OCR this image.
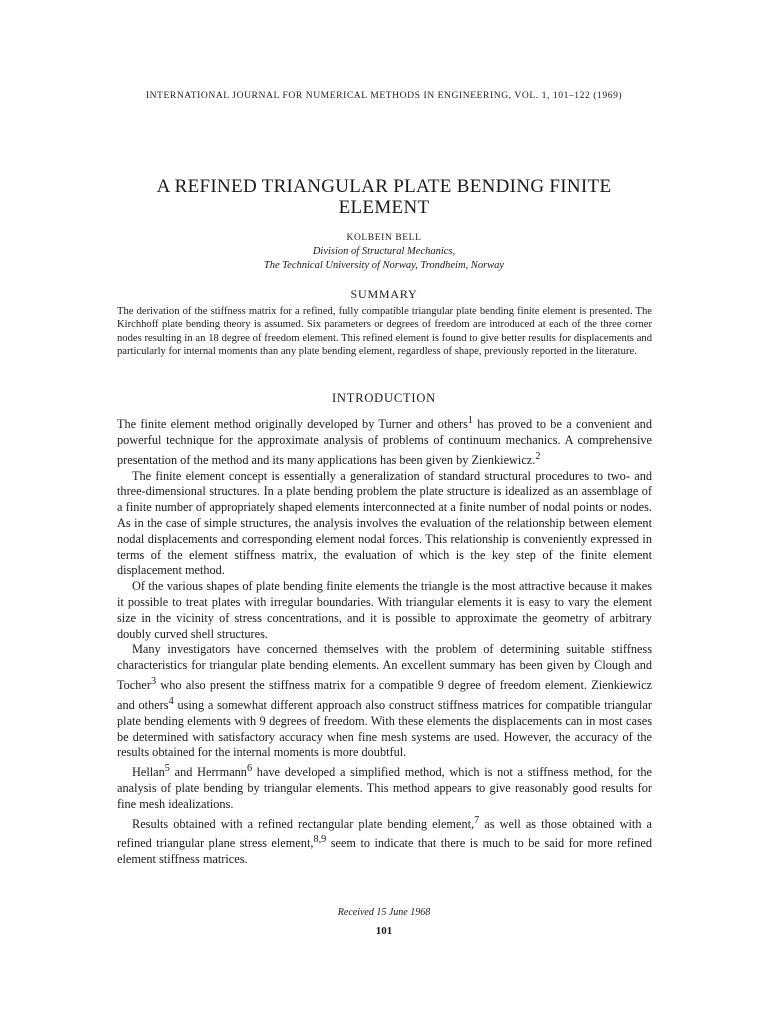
INTERNATIONAL JOURNAL FOR NUMERICAL METHODS IN ENGINEERING, VOL. 1, 101–122 (1969)
A REFINED TRIANGULAR PLATE BENDING FINITE
ELEMENT
KOLBEIN BELL
Division of Structural Mechanics,
The Technical University of Norway, Trondheim, Norway
SUMMARY
The derivation of the stiffness matrix for a refined, fully compatible triangular plate bending finite element is presented. The Kirchhoff plate bending theory is assumed. Six parameters or degrees of freedom are introduced at each of the three corner nodes resulting in an 18 degree of freedom element. This refined element is found to give better results for displacements and particularly for internal moments than any plate bending element, regardless of shape, previously reported in the literature.
INTRODUCTION

The finite element method originally developed by Turner and others$^1$ has proved to be a convenient and powerful technique for the approximate analysis of problems of continuum mechanics. A comprehensive presentation of the method and its many applications has been given by Zienkiewicz.$^2$

The finite element concept is essentially a generalization of standard structural procedures to two- and three-dimensional structures. In a plate bending problem the plate structure is idealized as an assemblage of a finite number of appropriately shaped elements interconnected at a finite number of nodal points or nodes. As in the case of simple structures, the analysis involves the evaluation of the relationship between element nodal displacements and corresponding element nodal forces. This relationship is conveniently expressed in terms of the element stiffness matrix, the evaluation of which is the key step of the finite element displacement method.

Of the various shapes of plate bending finite elements the triangle is the most attractive because it makes it possible to treat plates with irregular boundaries. With triangular elements it is easy to vary the element size in the vicinity of stress concentrations, and it is possible to approximate the geometry of arbitrary doubly curved shell structures.

Many investigators have concerned themselves with the problem of determining suitable stiffness characteristics for triangular plate bending elements. An excellent summary has been given by Clough and Tocher$^3$ who also present the stiffness matrix for a compatible 9 degree of freedom element. Zienkiewicz and others$^4$ using a somewhat different approach also construct stiffness matrices for compatible triangular plate bending elements with 9 degrees of freedom. With these elements the displacements can in most cases be determined with satisfactory accuracy when fine mesh systems are used. However, the accuracy of the results obtained for the internal moments is more doubtful.

Hellan$^5$ and Herrmann$^6$ have developed a simplified method, which is not a stiffness method, for the analysis of plate bending by triangular elements. This method appears to give reasonably good results for fine mesh idealizations.

Results obtained with a refined rectangular plate bending element,$^7$ as well as those obtained with a refined triangular plane stress element,$^{8,9}$ seem to indicate that there is much to be said for more refined element stiffness matrices.

Received 15 June 1968
101
